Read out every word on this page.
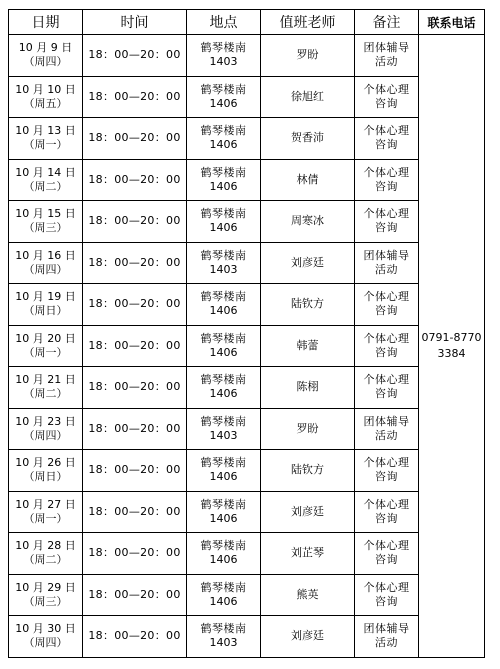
日期	时间	地点	值班老师	备注	联系电话

10 月 9 日
（周四）	18：00—20：00	鹤琴楼南
1403	罗盼	团体辅导
活动	0791-8770
3384

10 月 10 日
（周五）	18：00—20：00	鹤琴楼南
1406	徐旭红	个体心理
咨询	

10 月 13 日
（周一）	18：00—20：00	鹤琴楼南
1406	贺香沛	个体心理
咨询	

10 月 14 日
（周二）	18：00—20：00	鹤琴楼南
1406	林倩	个体心理
咨询	

10 月 15 日
（周三）	18：00—20：00	鹤琴楼南
1406	周寒冰	个体心理
咨询	

10 月 16 日
（周四）	18：00—20：00	鹤琴楼南
1403	刘彦廷	团体辅导
活动	

10 月 19 日
（周日）	18：00—20：00	鹤琴楼南
1406	陆钦方	个体心理
咨询	

10 月 20 日
（周一）	18：00—20：00	鹤琴楼南
1406	韩蕾	个体心理
咨询	

10 月 21 日
（周二）	18：00—20：00	鹤琴楼南
1406	陈栩	个体心理
咨询	

10 月 23 日
（周四）	18：00—20：00	鹤琴楼南
1403	罗盼	团体辅导
活动	

10 月 26 日
（周日）	18：00—20：00	鹤琴楼南
1406	陆钦方	个体心理
咨询	

10 月 27 日
（周一）	18：00—20：00	鹤琴楼南
1406	刘彦廷	个体心理
咨询	

10 月 28 日
（周二）	18：00—20：00	鹤琴楼南
1406	刘芷琴	个体心理
咨询	

10 月 29 日
（周三）	18：00—20：00	鹤琴楼南
1406	熊英	个体心理
咨询	

10 月 30 日
（周四）	18：00—20：00	鹤琴楼南
1403	刘彦廷	团体辅导
活动	
